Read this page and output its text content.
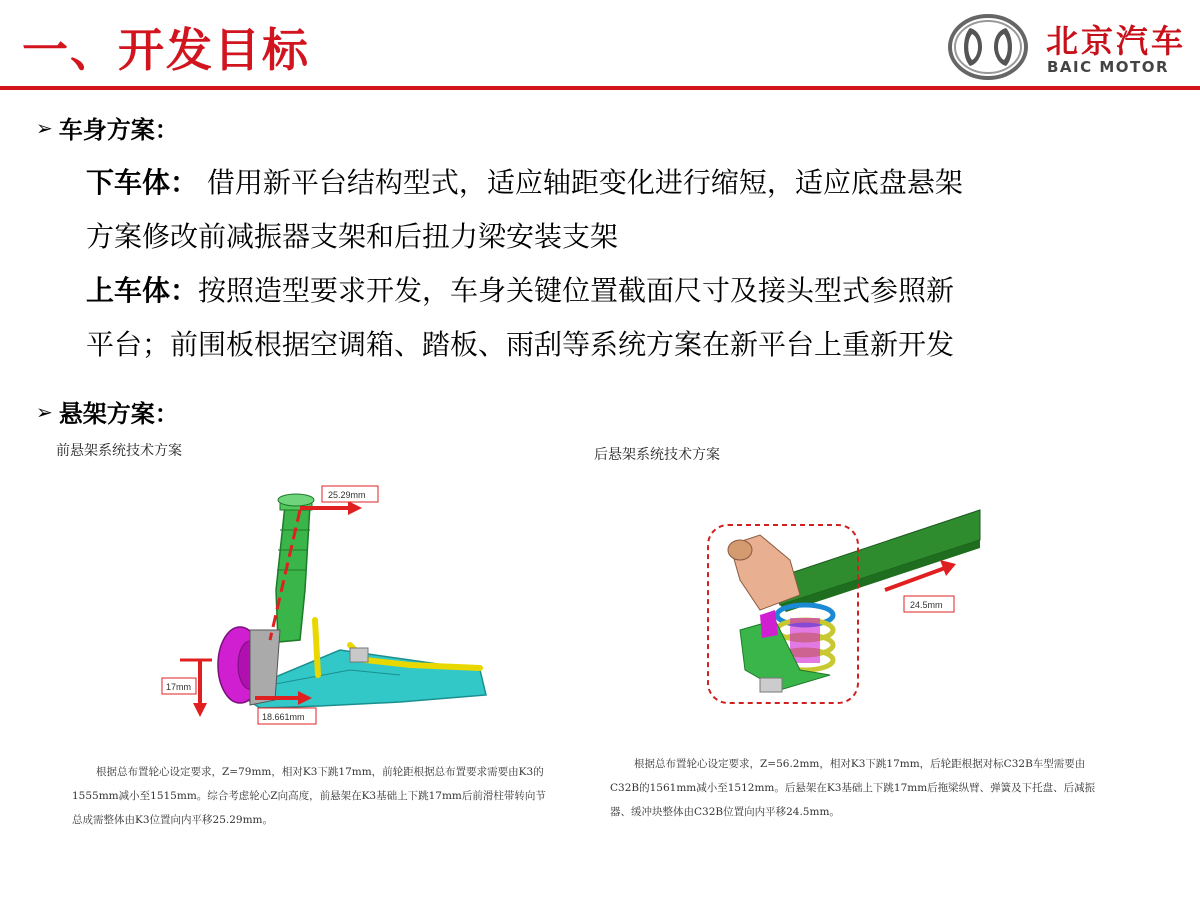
一、开发目标	北京汽车
BAIC MOTOR
➢ 车身方案：
下车体： 借用新平台结构型式，适应轴距变化进行缩短，适应底盘悬架
方案修改前减振器支架和后扭力梁安装支架
上车体：按照造型要求开发，车身关键位置截面尺寸及接头型式参照新
平台；前围板根据空调箱、踏板、雨刮等系统方案在新平台上重新开发
➢ 悬架方案：
前悬架系统技术方案
25.29mm
17mm
18.661mm
根据总布置轮心设定要求，Z=79mm，相对K3下跳17mm，前轮距根据总布置要求需要由K3的
1555mm减小至1515mm。综合考虑轮心Z向高度，前悬架在K3基础上下跳17mm后前滑柱带转向节
总成需整体由K3位置向内平移25.29mm。
后悬架系统技术方案
24.5mm
根据总布置轮心设定要求，Z=56.2mm，相对K3下跳17mm，后轮距根据对标C32B车型需要由
C32B的1561mm减小至1512mm。后悬架在K3基础上下跳17mm后拖梁纵臂、弹簧及下托盘、后减振
器、缓冲块整体由C32B位置向内平移24.5mm。
